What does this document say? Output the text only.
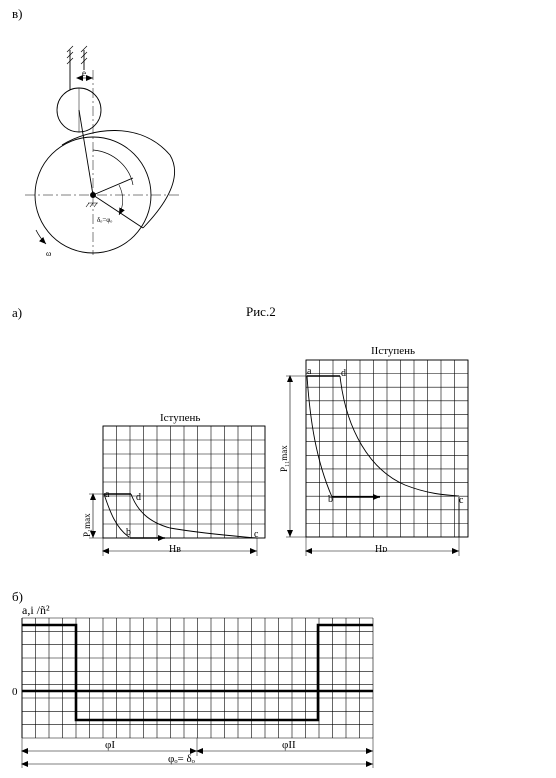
в)
e
δₒ=φₒ
ω
а)	Рис.2
Iступень
a	d
b	c
P₁max
Hв
IIступень
a	d
b	c
P₁₁max
Hᴅ
б)
a,i /ñ²
0
φI	φII
φₒ= δₒ
